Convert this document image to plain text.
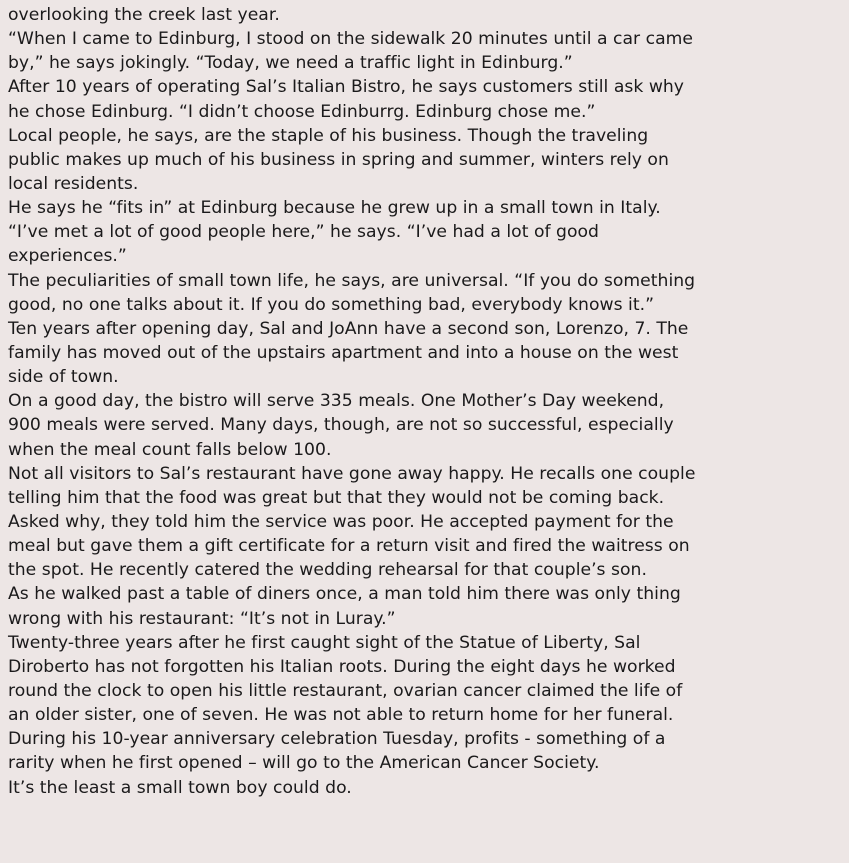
overlooking the creek last year.
“When I came to Edinburg, I stood on the sidewalk 20 minutes until a car came
by,” he says jokingly. “Today, we need a traffic light in Edinburg.”
After 10 years of operating Sal’s Italian Bistro, he says customers still ask why
he chose Edinburg. “I didn’t choose Edinburrg. Edinburg chose me.”
Local people, he says, are the staple of his business. Though the traveling
public makes up much of his business in spring and summer, winters rely on
local residents.
He says he “fits in” at Edinburg because he grew up in a small town in Italy.
“I’ve met a lot of good people here,” he says. “I’ve had a lot of good
experiences.”
The peculiarities of small town life, he says, are universal. “If you do something
good, no one talks about it. If you do something bad, everybody knows it.”
Ten years after opening day, Sal and JoAnn have a second son, Lorenzo, 7. The
family has moved out of the upstairs apartment and into a house on the west
side of town.
On a good day, the bistro will serve 335 meals. One Mother’s Day weekend,
900 meals were served. Many days, though, are not so successful, especially
when the meal count falls below 100.
Not all visitors to Sal’s restaurant have gone away happy. He recalls one couple
telling him that the food was great but that they would not be coming back.
Asked why, they told him the service was poor. He accepted payment for the
meal but gave them a gift certificate for a return visit and fired the waitress on
the spot. He recently catered the wedding rehearsal for that couple’s son.
As he walked past a table of diners once, a man told him there was only thing
wrong with his restaurant: “It’s not in Luray.”
Twenty-three years after he first caught sight of the Statue of Liberty, Sal
Diroberto has not forgotten his Italian roots. During the eight days he worked
round the clock to open his little restaurant, ovarian cancer claimed the life of
an older sister, one of seven. He was not able to return home for her funeral.
During his 10-year anniversary celebration Tuesday, profits - something of a
rarity when he first opened – will go to the American Cancer Society.
It’s the least a small town boy could do.
